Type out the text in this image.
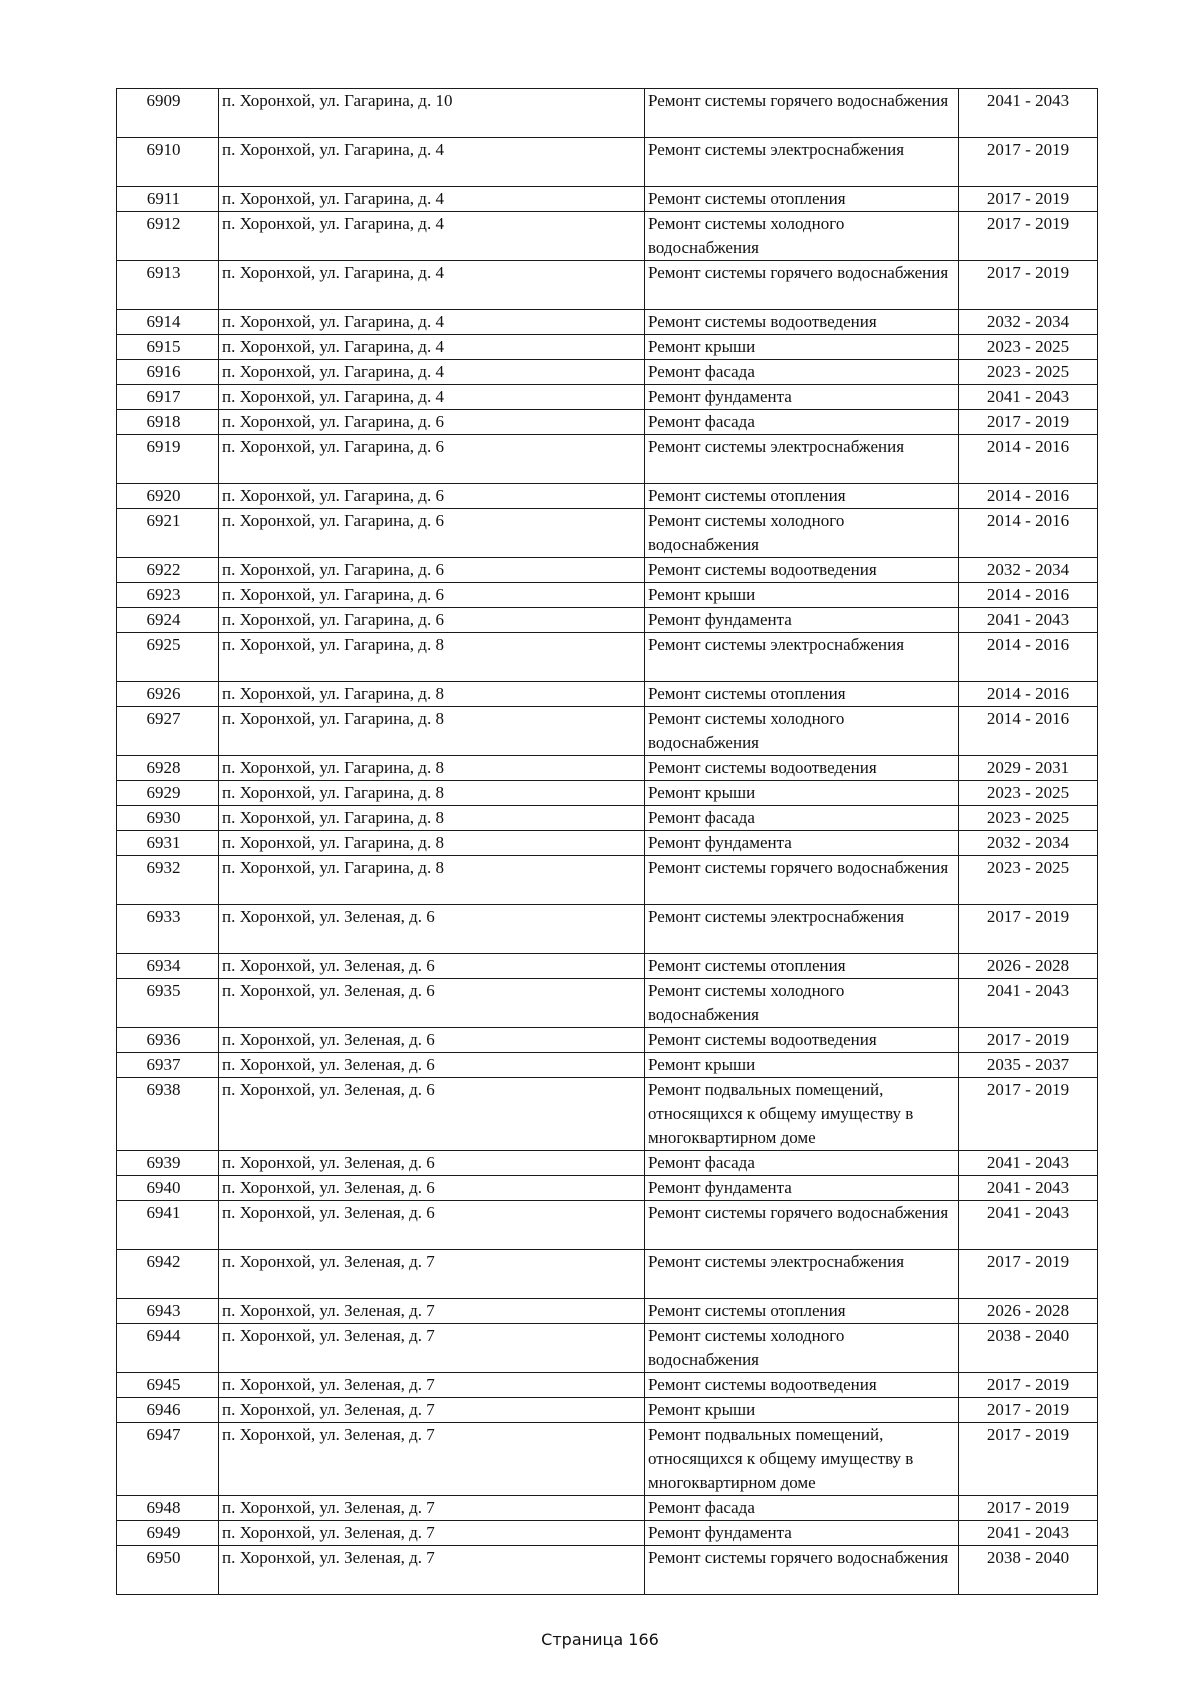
6909	п. Хоронхой, ул. Гагарина, д. 10	Ремонт системы горячего водоснабжения	2041 - 2043
6910	п. Хоронхой, ул. Гагарина, д. 4	Ремонт системы электроснабжения	2017 - 2019
6911	п. Хоронхой, ул. Гагарина, д. 4	Ремонт системы отопления	2017 - 2019
6912	п. Хоронхой, ул. Гагарина, д. 4	Ремонт системы холодного водоснабжения	2017 - 2019
6913	п. Хоронхой, ул. Гагарина, д. 4	Ремонт системы горячего водоснабжения	2017 - 2019
6914	п. Хоронхой, ул. Гагарина, д. 4	Ремонт системы водоотведения	2032 - 2034
6915	п. Хоронхой, ул. Гагарина, д. 4	Ремонт крыши	2023 - 2025
6916	п. Хоронхой, ул. Гагарина, д. 4	Ремонт фасада	2023 - 2025
6917	п. Хоронхой, ул. Гагарина, д. 4	Ремонт фундамента	2041 - 2043
6918	п. Хоронхой, ул. Гагарина, д. 6	Ремонт фасада	2017 - 2019
6919	п. Хоронхой, ул. Гагарина, д. 6	Ремонт системы электроснабжения	2014 - 2016
6920	п. Хоронхой, ул. Гагарина, д. 6	Ремонт системы отопления	2014 - 2016
6921	п. Хоронхой, ул. Гагарина, д. 6	Ремонт системы холодного водоснабжения	2014 - 2016
6922	п. Хоронхой, ул. Гагарина, д. 6	Ремонт системы водоотведения	2032 - 2034
6923	п. Хоронхой, ул. Гагарина, д. 6	Ремонт крыши	2014 - 2016
6924	п. Хоронхой, ул. Гагарина, д. 6	Ремонт фундамента	2041 - 2043
6925	п. Хоронхой, ул. Гагарина, д. 8	Ремонт системы электроснабжения	2014 - 2016
6926	п. Хоронхой, ул. Гагарина, д. 8	Ремонт системы отопления	2014 - 2016
6927	п. Хоронхой, ул. Гагарина, д. 8	Ремонт системы холодного водоснабжения	2014 - 2016
6928	п. Хоронхой, ул. Гагарина, д. 8	Ремонт системы водоотведения	2029 - 2031
6929	п. Хоронхой, ул. Гагарина, д. 8	Ремонт крыши	2023 - 2025
6930	п. Хоронхой, ул. Гагарина, д. 8	Ремонт фасада	2023 - 2025
6931	п. Хоронхой, ул. Гагарина, д. 8	Ремонт фундамента	2032 - 2034
6932	п. Хоронхой, ул. Гагарина, д. 8	Ремонт системы горячего водоснабжения	2023 - 2025
6933	п. Хоронхой, ул. Зеленая, д. 6	Ремонт системы электроснабжения	2017 - 2019
6934	п. Хоронхой, ул. Зеленая, д. 6	Ремонт системы отопления	2026 - 2028
6935	п. Хоронхой, ул. Зеленая, д. 6	Ремонт системы холодного водоснабжения	2041 - 2043
6936	п. Хоронхой, ул. Зеленая, д. 6	Ремонт системы водоотведения	2017 - 2019
6937	п. Хоронхой, ул. Зеленая, д. 6	Ремонт крыши	2035 - 2037
6938	п. Хоронхой, ул. Зеленая, д. 6	Ремонт подвальных помещений, относящихся к общему имуществу в многоквартирном доме	2017 - 2019
6939	п. Хоронхой, ул. Зеленая, д. 6	Ремонт фасада	2041 - 2043
6940	п. Хоронхой, ул. Зеленая, д. 6	Ремонт фундамента	2041 - 2043
6941	п. Хоронхой, ул. Зеленая, д. 6	Ремонт системы горячего водоснабжения	2041 - 2043
6942	п. Хоронхой, ул. Зеленая, д. 7	Ремонт системы электроснабжения	2017 - 2019
6943	п. Хоронхой, ул. Зеленая, д. 7	Ремонт системы отопления	2026 - 2028
6944	п. Хоронхой, ул. Зеленая, д. 7	Ремонт системы холодного водоснабжения	2038 - 2040
6945	п. Хоронхой, ул. Зеленая, д. 7	Ремонт системы водоотведения	2017 - 2019
6946	п. Хоронхой, ул. Зеленая, д. 7	Ремонт крыши	2017 - 2019
6947	п. Хоронхой, ул. Зеленая, д. 7	Ремонт подвальных помещений, относящихся к общему имуществу в многоквартирном доме	2017 - 2019
6948	п. Хоронхой, ул. Зеленая, д. 7	Ремонт фасада	2017 - 2019
6949	п. Хоронхой, ул. Зеленая, д. 7	Ремонт фундамента	2041 - 2043
6950	п. Хоронхой, ул. Зеленая, д. 7	Ремонт системы горячего водоснабжения	2038 - 2040
Страница 166
